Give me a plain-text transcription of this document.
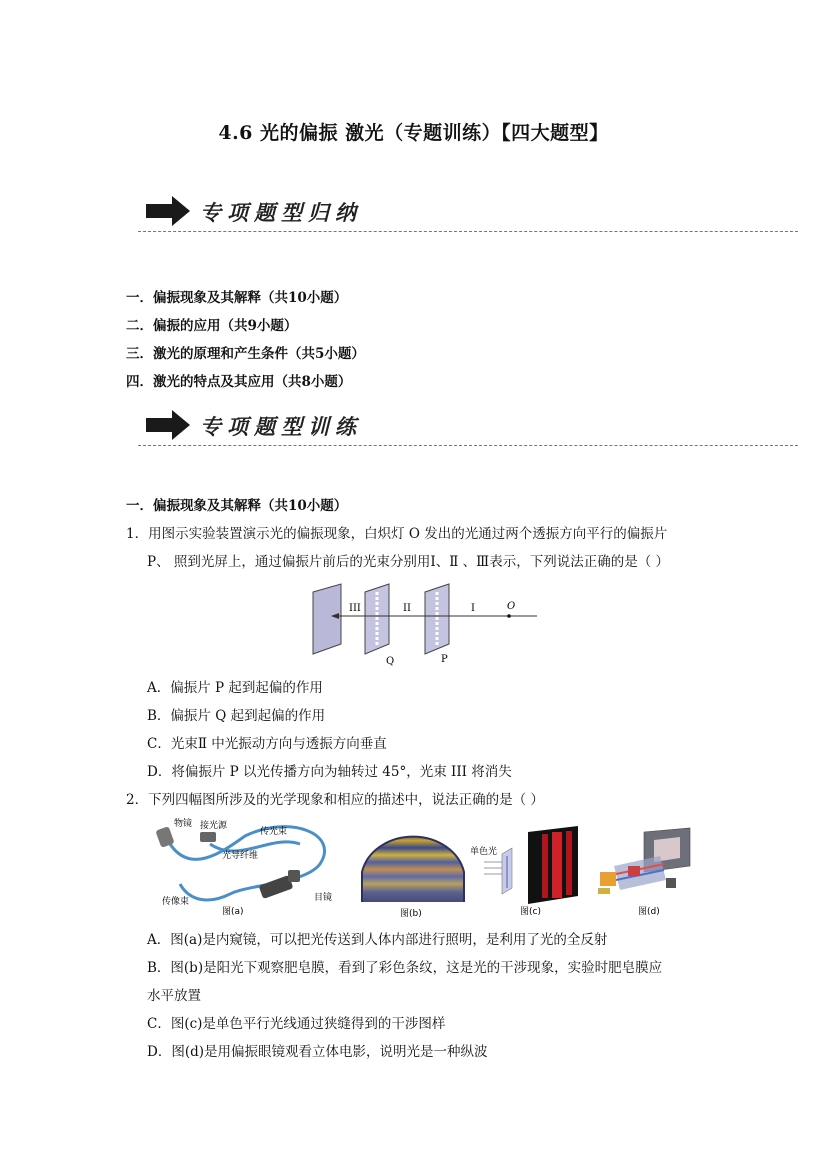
4.6 光的偏振 激光（专题训练）【四大题型】
专项题型归纳
一．偏振现象及其解释（共10小题）
二．偏振的应用（共9小题）
三．激光的原理和产生条件（共5小题）
四．激光的特点及其应用（共8小题）
专项题型训练
一．偏振现象及其解释（共10小题）
1．用图示实验装置演示光的偏振现象，白炽灯 O 发出的光通过两个透振方向平行的偏振片
P、 照到光屏上，通过偏振片前后的光束分别用Ⅰ、Ⅱ 、Ⅲ表示，下列说法正确的是（ ）
III	II	I	O
Q	P
A．偏振片 P 起到起偏的作用
B．偏振片 Q 起到起偏的作用
C．光束Ⅱ 中光振动方向与透振方向垂直
D．将偏振片 P 以光传播方向为轴转过 45°，光束 III 将消失
2．下列四幅图所涉及的光学现象和相应的描述中，说法正确的是（ ）
物镜 接光源
传光束
光导纤维
传像束	目镜
图(a)	图(b)
单色光
图(c)	图(d)
A．图(a)是内窥镜，可以把光传送到人体内部进行照明，是利用了光的全反射
B．图(b)是阳光下观察肥皂膜，看到了彩色条纹，这是光的干涉现象，实验时肥皂膜应
水平放置
C．图(c)是单色平行光线通过狭缝得到的干涉图样
D．图(d)是用偏振眼镜观看立体电影，说明光是一种纵波
